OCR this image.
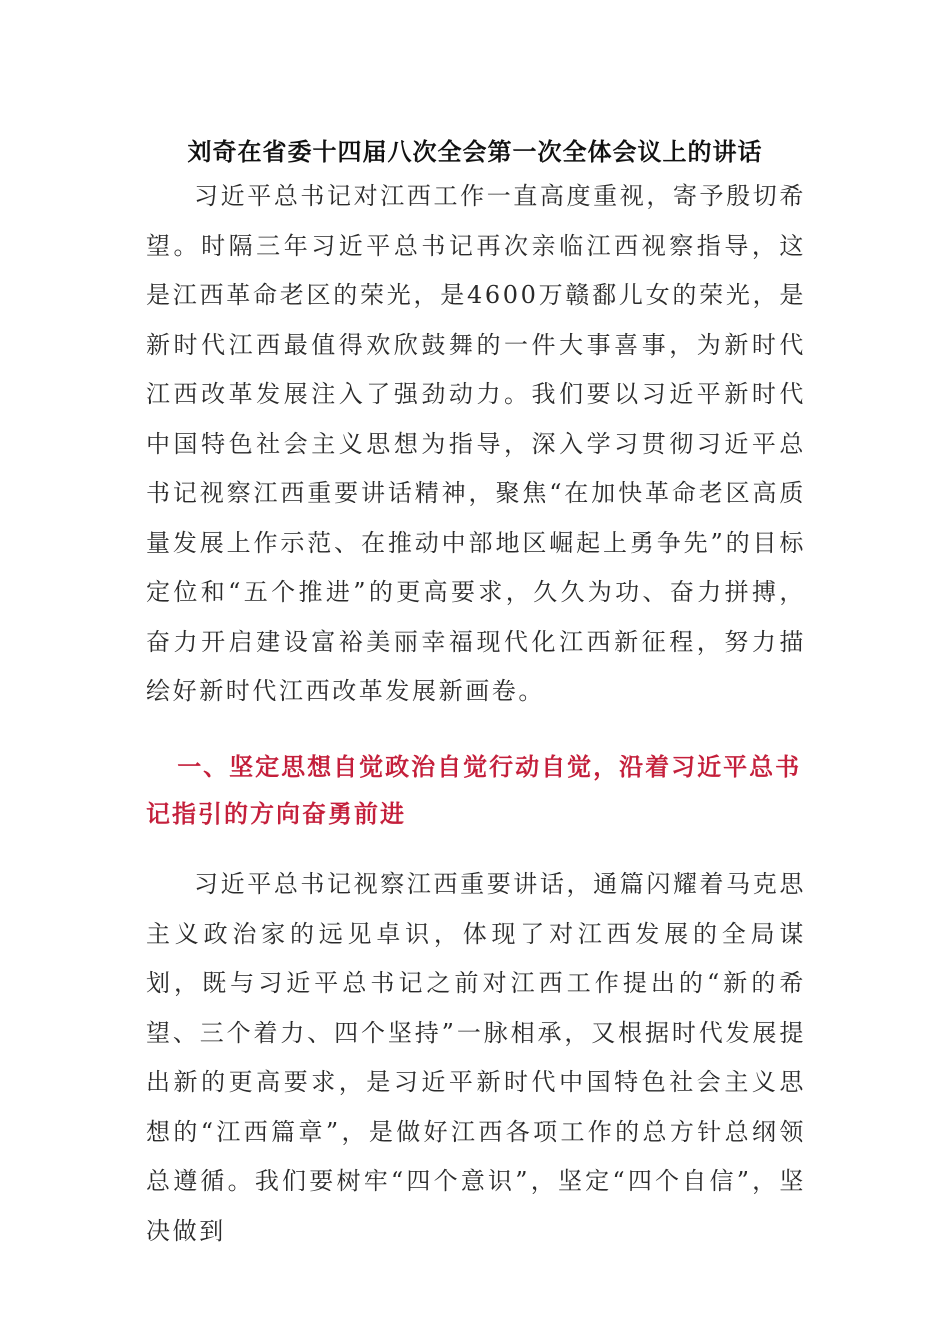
刘奇在省委十四届八次全会第一次全体会议上的讲话

习近平总书记对江西工作一直高度重视，寄予殷切希望。时隔三年习近平总书记再次亲临江西视察指导，这是江西革命老区的荣光，是4600万赣鄱儿女的荣光，是新时代江西最值得欢欣鼓舞的一件大事喜事，为新时代江西改革发展注入了强劲动力。我们要以习近平新时代中国特色社会主义思想为指导，深入学习贯彻习近平总书记视察江西重要讲话精神，聚焦“在加快革命老区高质量发展上作示范、在推动中部地区崛起上勇争先”的目标定位和“五个推进”的更高要求，久久为功、奋力拼搏，奋力开启建设富裕美丽幸福现代化江西新征程，努力描绘好新时代江西改革发展新画卷。

一、坚定思想自觉政治自觉行动自觉，沿着习近平总书记指引的方向奋勇前进

习近平总书记视察江西重要讲话，通篇闪耀着马克思主义政治家的远见卓识，体现了对江西发展的全局谋划，既与习近平总书记之前对江西工作提出的“新的希望、三个着力、四个坚持”一脉相承，又根据时代发展提出新的更高要求，是习近平新时代中国特色社会主义思想的“江西篇章”，是做好江西各项工作的总方针总纲领总遵循。我们要树牢“四个意识”，坚定“四个自信”，坚决做到
